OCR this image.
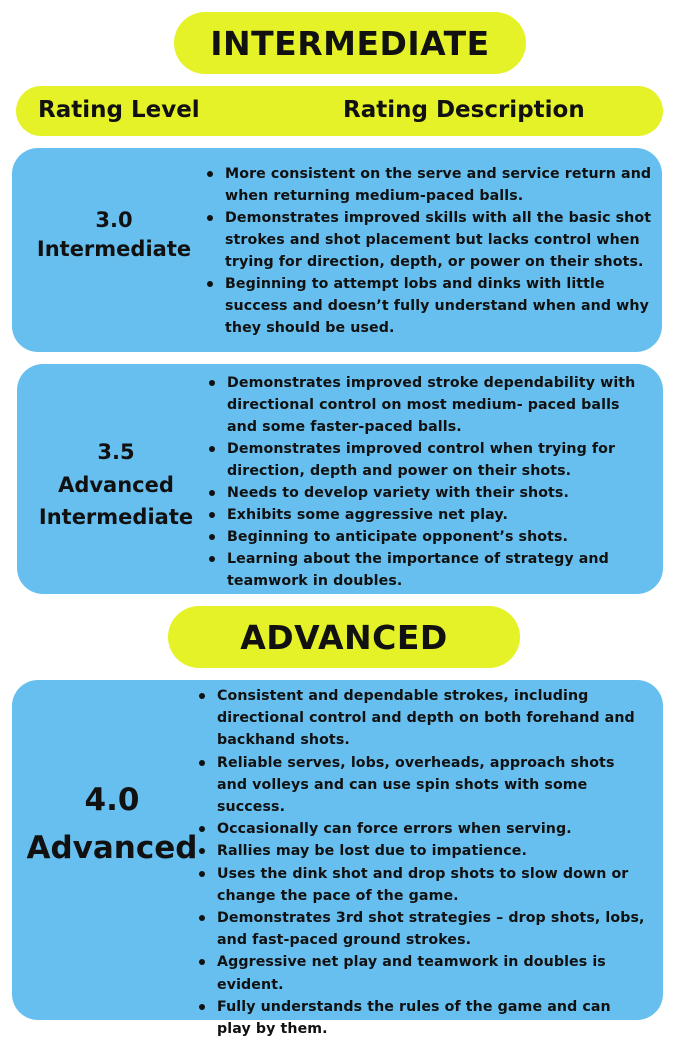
INTERMEDIATE
Rating Level	Rating Description
3.0
Intermediate
More consistent on the serve and service return and when returning medium-paced balls.
Demonstrates improved skills with all the basic shot strokes and shot placement but lacks control when trying for direction, depth, or power on their shots.
Beginning to attempt lobs and dinks with little success and doesn’t fully understand when and why they should be used.
3.5
Advanced
Intermediate
Demonstrates improved stroke dependability with directional control on most medium- paced balls and some faster-paced balls.
Demonstrates improved control when trying for direction, depth and power on their shots.
Needs to develop variety with their shots.
Exhibits some aggressive net play.
Beginning to anticipate opponent’s shots.
Learning about the importance of strategy and teamwork in doubles.
ADVANCED
4.0
Advanced
Consistent and dependable strokes, including directional control and depth on both forehand and backhand shots.
Reliable serves, lobs, overheads, approach shots and volleys and can use spin shots with some success.
Occasionally can force errors when serving.
Rallies may be lost due to impatience.
Uses the dink shot and drop shots to slow down or change the pace of the game.
Demonstrates 3rd shot strategies – drop shots, lobs, and fast-paced ground strokes.
Aggressive net play and teamwork in doubles is evident.
Fully understands the rules of the game and can play by them.
